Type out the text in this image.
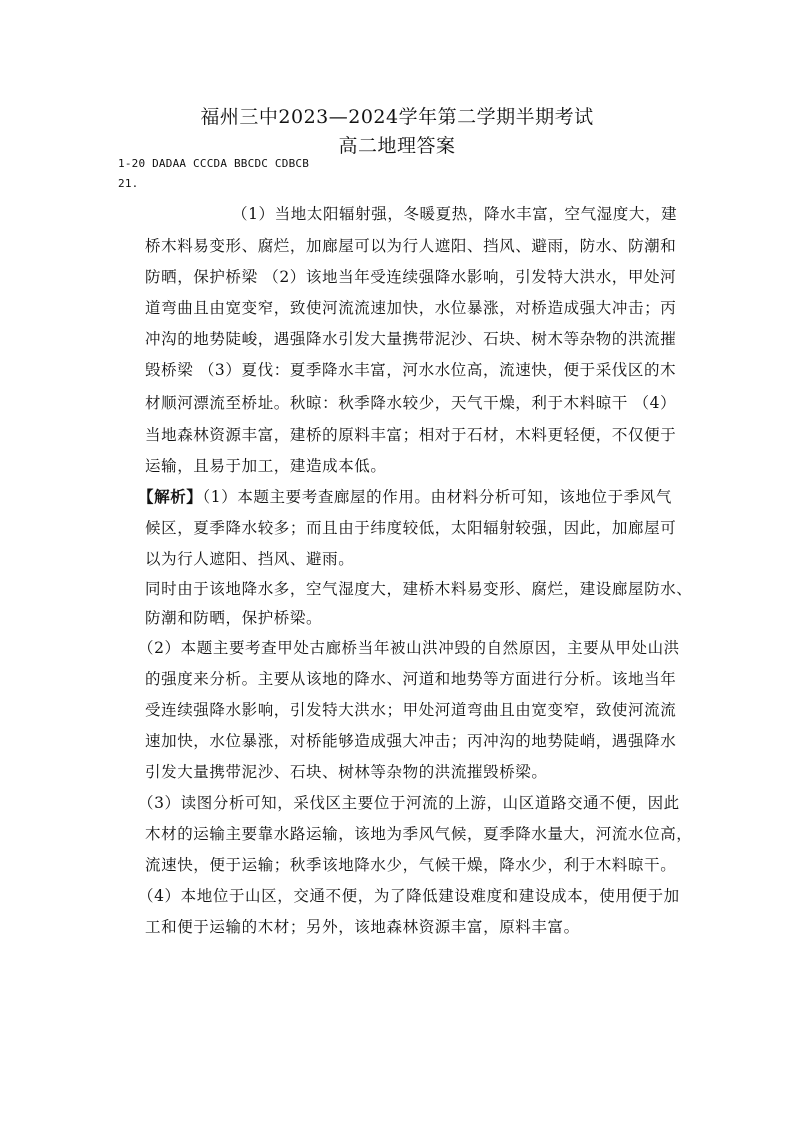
福州三中2023—2024学年第二学期半期考试
高二地理答案
1-20 DADAA CCCDA BBCDC CDBCB
21.
（1）当地太阳辐射强，冬暖夏热，降水丰富，空气湿度大，建
桥木料易变形、腐烂，加廊屋可以为行人遮阳、挡风、避雨，防水、防潮和
防晒，保护桥梁 （2）该地当年受连续强降水影响，引发特大洪水，甲处河
道弯曲且由宽变窄，致使河流流速加快，水位暴涨，对桥造成强大冲击；丙
冲沟的地势陡峻，遇强降水引发大量携带泥沙、石块、树木等杂物的洪流摧
毁桥梁 （3）夏伐：夏季降水丰富，河水水位高，流速快，便于采伐区的木
材顺河漂流至桥址。秋晾：秋季降水较少，天气干燥，利于木料晾干 （4）
当地森林资源丰富，建桥的原料丰富；相对于石材，木料更轻便，不仅便于
运输，且易于加工，建造成本低。
【解析】（1）本题主要考查廊屋的作用。由材料分析可知，该地位于季风气
候区，夏季降水较多；而且由于纬度较低，太阳辐射较强，因此，加廊屋可
以为行人遮阳、挡风、避雨。
同时由于该地降水多，空气湿度大，建桥木料易变形、腐烂，建设廊屋防水、
防潮和防晒，保护桥梁。
（2）本题主要考查甲处古廊桥当年被山洪冲毁的自然原因，主要从甲处山洪
的强度来分析。主要从该地的降水、河道和地势等方面进行分析。该地当年
受连续强降水影响，引发特大洪水；甲处河道弯曲且由宽变窄，致使河流流
速加快，水位暴涨，对桥能够造成强大冲击；丙冲沟的地势陡峭，遇强降水
引发大量携带泥沙、石块、树林等杂物的洪流摧毁桥梁。
（3）读图分析可知，采伐区主要位于河流的上游，山区道路交通不便，因此
木材的运输主要靠水路运输，该地为季风气候，夏季降水量大，河流水位高，
流速快，便于运输；秋季该地降水少，气候干燥，降水少，利于木料晾干。
（4）本地位于山区，交通不便，为了降低建设难度和建设成本，使用便于加
工和便于运输的木材；另外，该地森林资源丰富，原料丰富。
